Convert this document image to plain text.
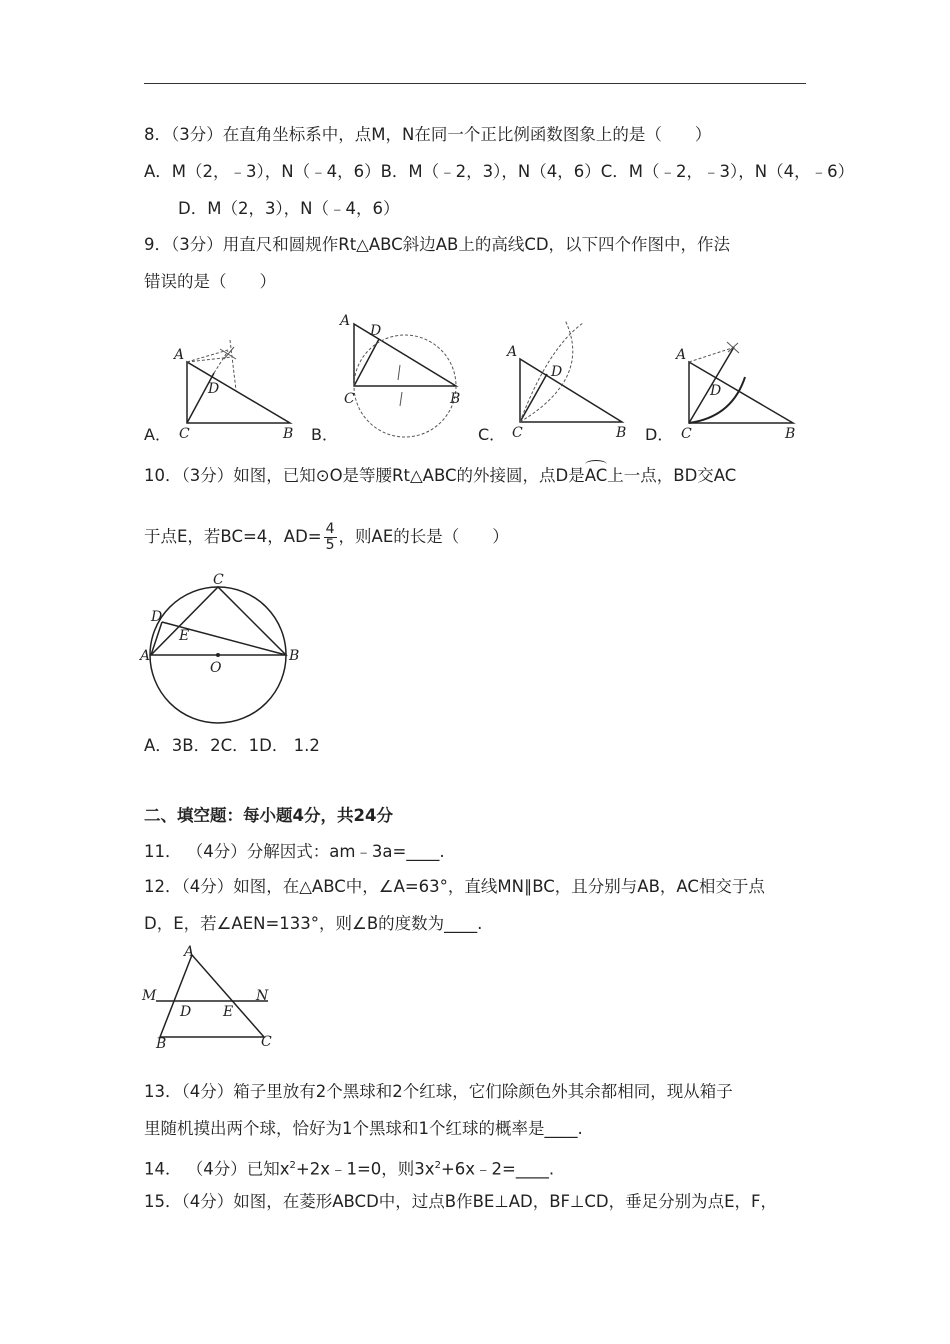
8．（3分）在直角坐标系中，点M，N在同一个正比例函数图象上的是（　　）
A．M（2，﹣3），N（﹣4，6）B．M（﹣2，3），N（4，6）C．M（﹣2，﹣3），N（4，﹣6）
D．M（2，3），N（﹣4，6）
9．（3分）用直尺和圆规作Rt△ABC斜边AB上的高线CD，以下四个作图中，作法
错误的是（　　）
A．	B．	C．	D．
A
D
C	B
A
D
C	B
A
D
C	B
A
D
C	B
10．（3分）如图，已知⊙O是等腰Rt△ABC的外接圆，点D是AC上一点，BD交AC
于点E，若BC=4，$AD= \frac{4}{5}$ ，则AE的长是（　　）
A	B
C
D
E
O
A．3B．2C．1D． 1.2
二、填空题：每小题4分，共24分
11． （4分）分解因式：am﹣3a=____.
12．（4分）如图，在△ABC中，∠A=63°，直线MN∥BC，且分别与AB，AC相交于点
D，E，若∠AEN=133°，则∠B的度数为____.
A
B	C
D E
M	N
13．（4分）箱子里放有2个黑球和2个红球，它们除颜色外其余都相同，现从箱子
里随机摸出两个球，恰好为1个黑球和1个红球的概率是____.
14． （4分）已知$x^2+2x﹣1=0$，则$3x^2+6x﹣2=\_\_\_\_$.
15．（4分）如图，在菱形ABCD中，过点B作BE⊥AD，BF⊥CD，垂足分别为点E，F，
